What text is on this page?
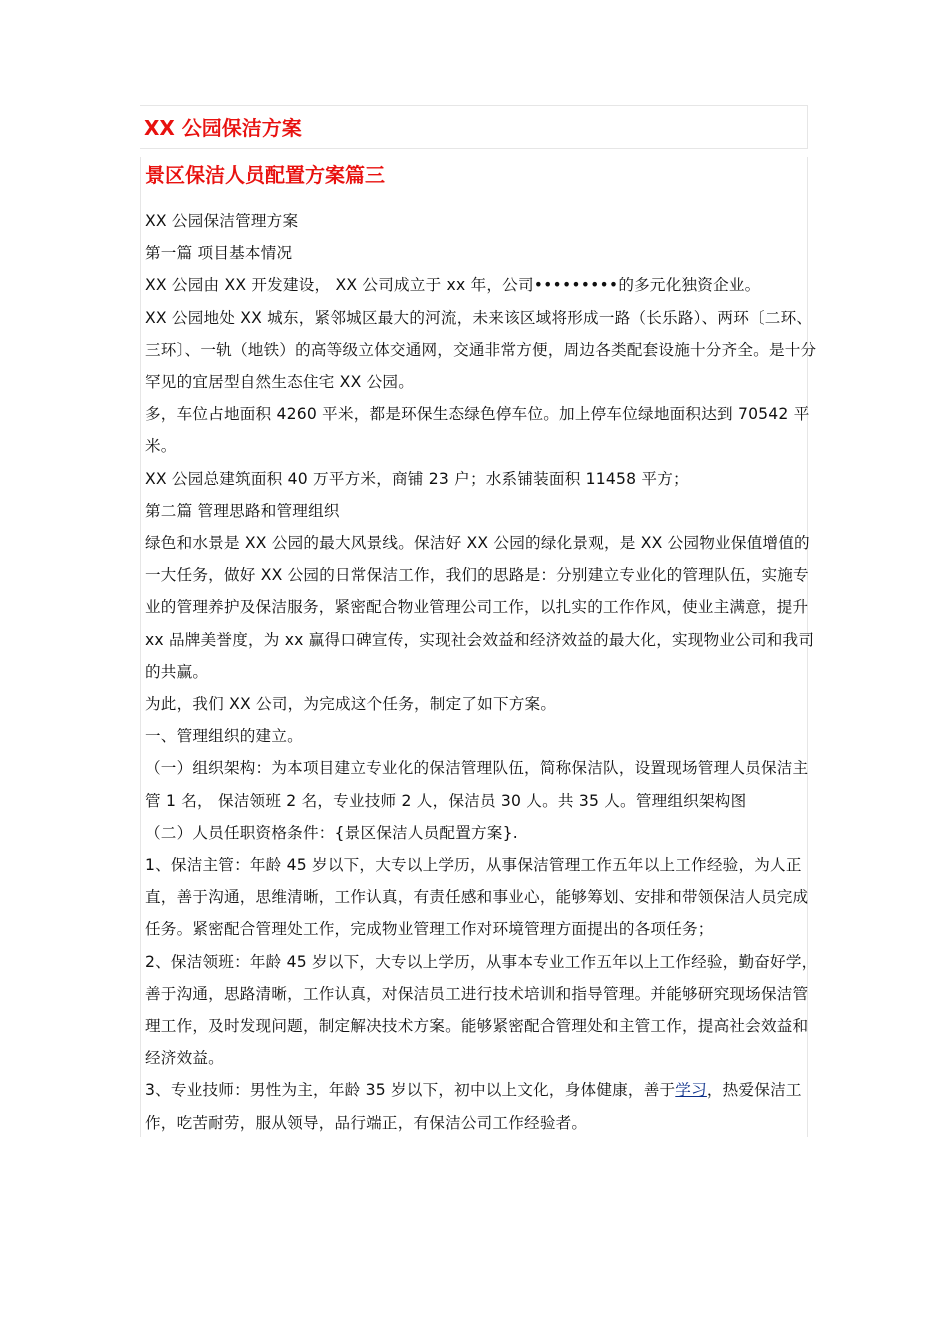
XX 公园保洁方案
景区保洁人员配置方案篇三

XX 公园保洁管理方案

第一篇 项目基本情况

XX 公园由 XX 开发建设， XX 公司成立于 xx 年，公司•••••••••的多元化独资企业。

XX 公园地处 XX 城东，紧邻城区最大的河流，未来该区域将形成一路（长乐路）、两环〔二环、三环〕、一轨（地铁）的高等级立体交通网，交通非常方便，周边各类配套设施十分齐全。是十分罕见的宜居型自然生态住宅 XX 公园。

多，车位占地面积 4260 平米，都是环保生态绿色停车位。加上停车位绿地面积达到 70542 平米。

XX 公园总建筑面积 40 万平方米，商铺 23 户；水系铺装面积 11458 平方；

第二篇 管理思路和管理组织

绿色和水景是 XX 公园的最大风景线。保洁好 XX 公园的绿化景观，是 XX 公园物业保值增值的一大任务，做好 XX 公园的日常保洁工作，我们的思路是：分别建立专业化的管理队伍，实施专业的管理养护及保洁服务，紧密配合物业管理公司工作，以扎实的工作作风，使业主满意，提升 xx 品牌美誉度，为 xx 赢得口碑宣传，实现社会效益和经济效益的最大化，实现物业公司和我司的共赢。

为此，我们 XX 公司，为完成这个任务，制定了如下方案。

一、管理组织的建立。

（一）组织架构：为本项目建立专业化的保洁管理队伍，简称保洁队，设置现场管理人员保洁主管 1 名， 保洁领班 2 名，专业技师 2 人，保洁员 30 人。共 35 人。管理组织架构图

（二）人员任职资格条件：{景区保洁人员配置方案}.

1、保洁主管：年龄 45 岁以下，大专以上学历，从事保洁管理工作五年以上工作经验，为人正直，善于沟通，思维清晰，工作认真，有责任感和事业心，能够筹划、安排和带领保洁人员完成任务。紧密配合管理处工作，完成物业管理工作对环境管理方面提出的各项任务；

2、保洁领班：年龄 45 岁以下，大专以上学历，从事本专业工作五年以上工作经验，勤奋好学，善于沟通，思路清晰，工作认真，对保洁员工进行技术培训和指导管理。并能够研究现场保洁管理工作，及时发现问题，制定解决技术方案。能够紧密配合管理处和主管工作，提高社会效益和经济效益。

3、专业技师：男性为主，年龄 35 岁以下，初中以上文化，身体健康，善于学习，热爱保洁工作，吃苦耐劳，服从领导，品行端正，有保洁公司工作经验者。
